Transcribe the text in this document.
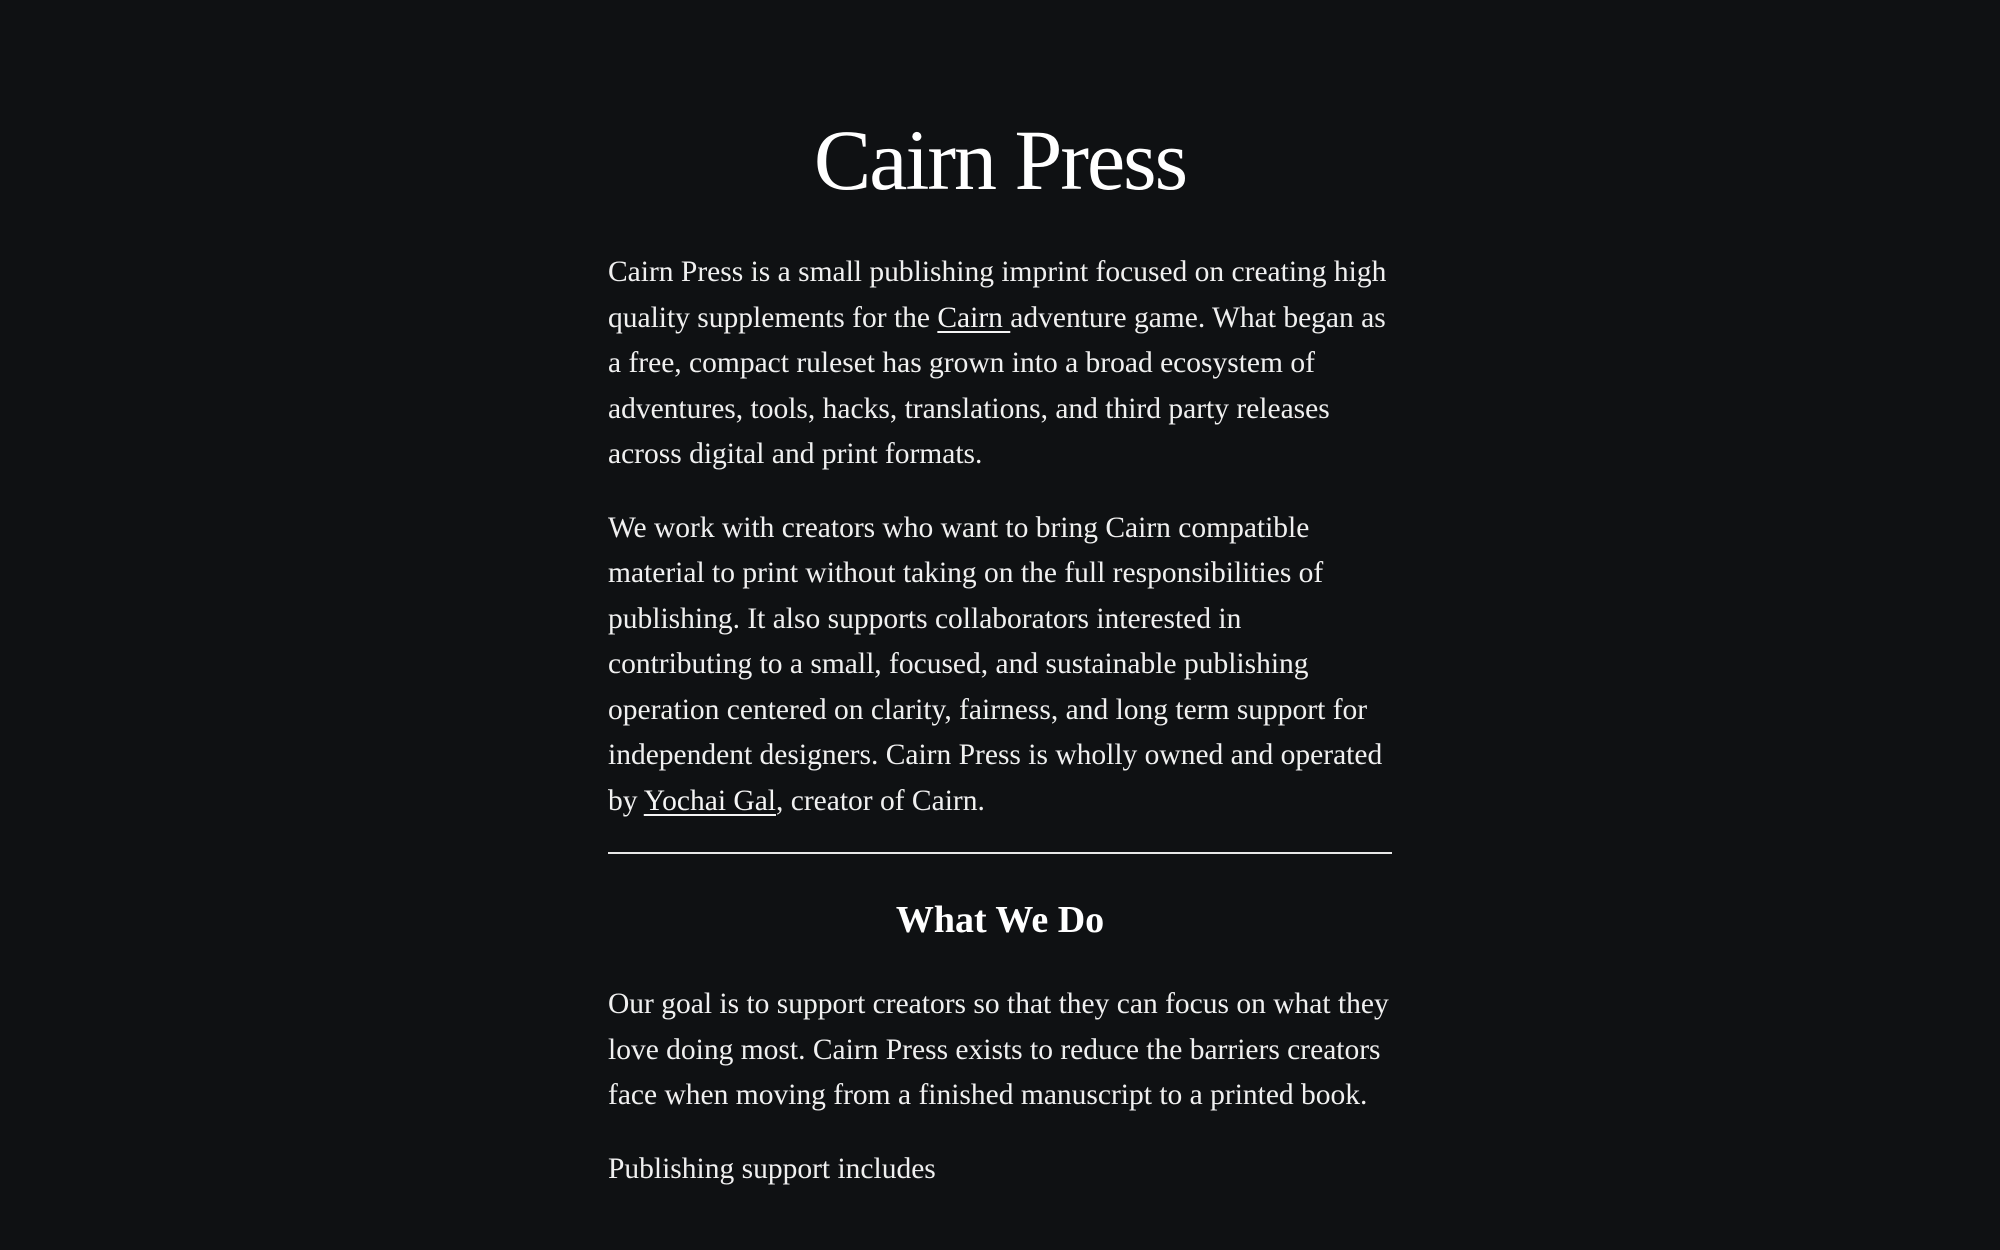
Cairn Press

Cairn Press is a small publishing imprint focused on creating high quality supplements for the Cairn adventure game. What began as a free, compact ruleset has grown into a broad ecosystem of adventures, tools, hacks, translations, and third party releases across digital and print formats.

We work with creators who want to bring Cairn compatible material to print without taking on the full responsibilities of publishing. It also supports collaborators interested in contributing to a small, focused, and sustainable publishing operation centered on clarity, fairness, and long term support for independent designers. Cairn Press is wholly owned and operated by Yochai Gal, creator of Cairn.

What We Do

Our goal is to support creators so that they can focus on what they love doing most. Cairn Press exists to reduce the barriers creators face when moving from a finished manuscript to a printed book.

Publishing support includes
